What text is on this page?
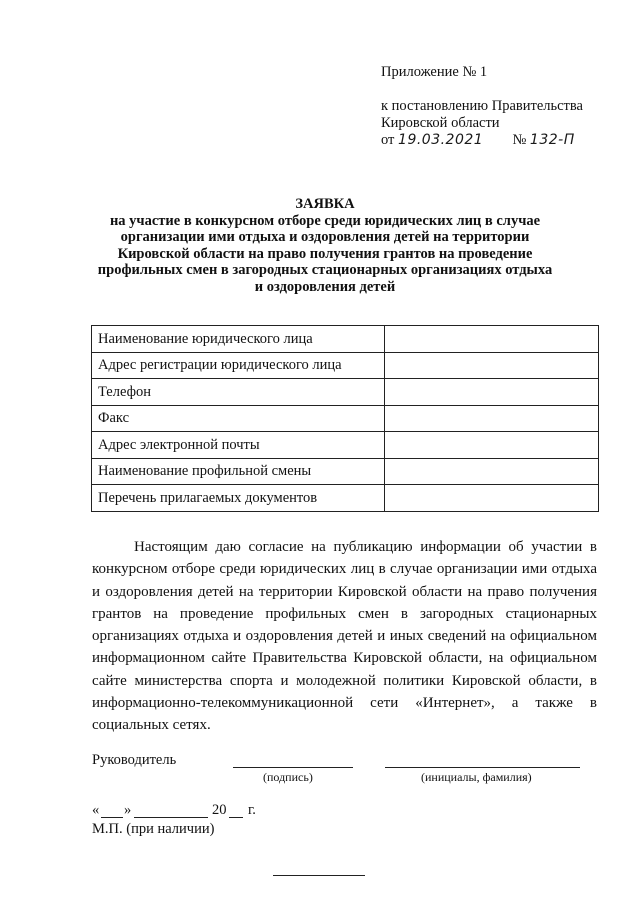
Приложение № 1
к постановлению Правительства
Кировской области
от 19.03.2021 № 132-П
ЗАЯВКА
на участие в конкурсном отборе среди юридических лиц в случае
организации ими отдыха и оздоровления детей на территории
Кировской области на право получения грантов на проведение
профильных смен в загородных стационарных организациях отдыха
и оздоровления детей
Наименование юридического лица	
Адрес регистрации юридического лица	
Телефон	
Факс	
Адрес электронной почты	
Наименование профильной смены	
Перечень прилагаемых документов	

Настоящим даю согласие на публикацию информации об участии в конкурсном отборе среди юридических лиц в случае организации ими отдыха и оздоровления детей на территории Кировской области на право получения грантов на проведение профильных смен в загородных стационарных организациях отдыха и оздоровления детей и иных сведений на официальном информационном сайте Правительства Кировской области, на официальном сайте министерства спорта и молодежной политики Кировской области, в информационно-телекоммуникационной сети «Интернет», а также в социальных сетях.

Руководитель
(подпись)	(инициалы, фамилия)
« »	20 г.
М.П. (при наличии)
